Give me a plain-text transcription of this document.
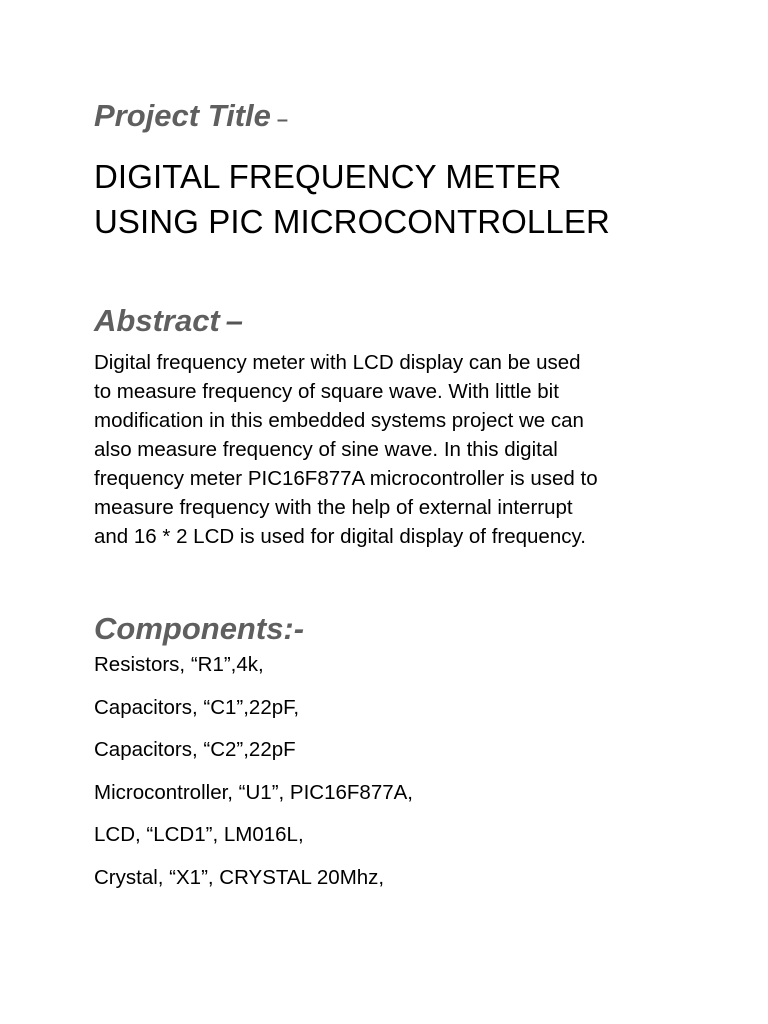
Project Title –
DIGITAL FREQUENCY METER
USING PIC MICROCONTROLLER
Abstract –
Digital frequency meter with LCD display can be used
to measure frequency of square wave. With little bit
modification in this embedded systems project we can
also measure frequency of sine wave. In this digital
frequency meter PIC16F877A microcontroller is used to
measure frequency with the help of external interrupt
and 16 * 2 LCD is used for digital display of frequency.
Components:-
Resistors, “R1”,4k,
Capacitors, “C1”,22pF,
Capacitors, “C2”,22pF
Microcontroller, “U1”, PIC16F877A,
LCD, “LCD1”, LM016L,
Crystal, “X1”, CRYSTAL 20Mhz,
